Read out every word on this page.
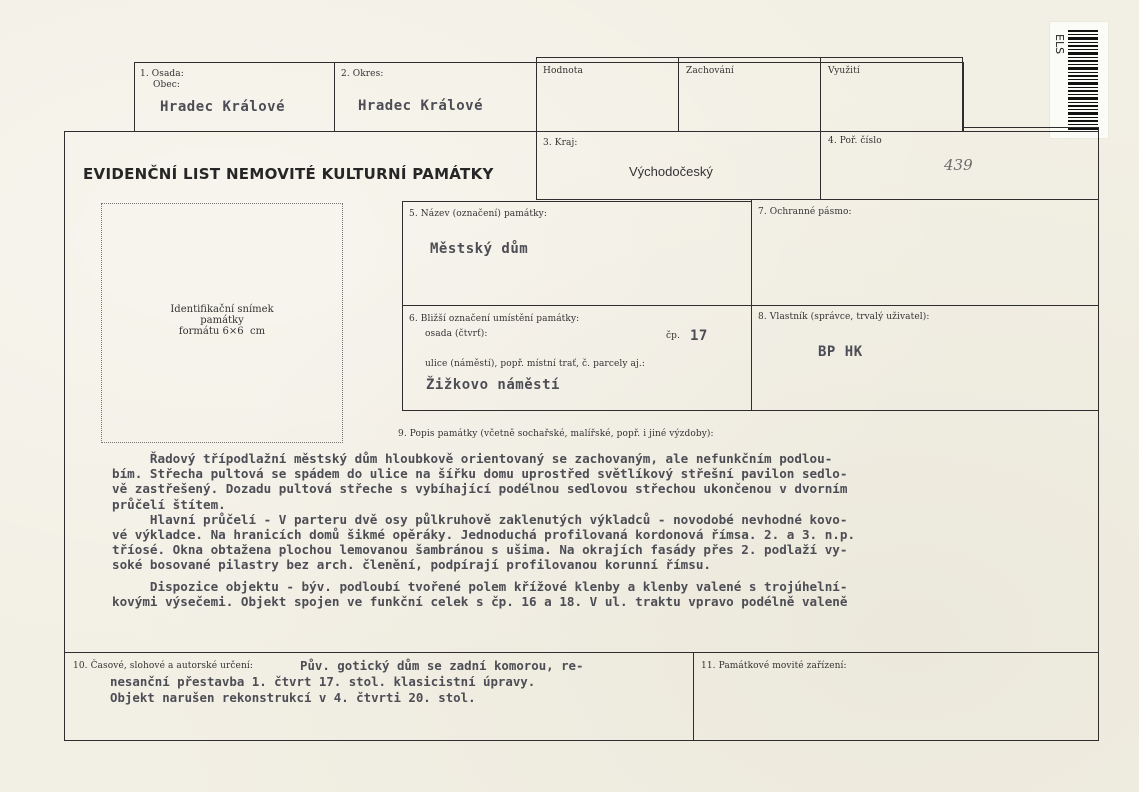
ELS
1. Osada:
Obec:
Hradec Králové
2. Okres:
Hradec Králové
Hodnota	Zachování	Využití
EVIDENČNÍ LIST NEMOVITÉ KULTURNÍ PAMÁTKY
3. Kraj:
Východočeský
4. Poř. číslo
439
Identifikační snímek
památky
formátu 6×6  cm
5. Název (označení) památky:
Městský dům
7. Ochranné pásmo:
6. Bližší označení umístění památky:
osada (čtvrť):	čp. 17
ulice (náměstí), popř. místní trať, č. parcely aj.:
Žižkovo náměstí
8. Vlastník (správce, trvalý uživatel):
BP HK
9. Popis památky (včetně sochařské, malířské, popř. i jiné výzdoby):
Řadový třípodlažní městský dům hloubkově orientovaný se zachovaným, ale nefunkčním podlou-
bím. Střecha pultová se spádem do ulice na šířku domu uprostřed světlíkový střešní pavilon sedlo-
vě zastřešený. Dozadu pultová střeche s vybíhající podélnou sedlovou střechou ukončenou v dvorním
průčelí štítem.
Hlavní průčelí - V parteru dvě osy půlkruhově zaklenutých výkladců - novodobé nevhodné kovo-
vé výkladce. Na hranicích domů šikmé opěráky. Jednoduchá profilovaná kordonová římsa. 2. a 3. n.p.
tříosé. Okna obtažena plochou lemovanou šambránou s ušima. Na okrajích fasády přes 2. podlaží vy-
soké bosované pilastry bez arch. členění, podpírají profilovanou korunní římsu.
Dispozice objektu - býv. podloubí tvořené polem křížové klenby a klenby valené s trojúhelní-
kovými výsečemi. Objekt spojen ve funkční celek s čp. 16 a 18. V ul. traktu vpravo podélně valeně
10. Časové, slohové a autorské určení:	Pův. gotický dům se zadní komorou, re-
nesanční přestavba 1. čtvrt 17. stol. klasicistní úpravy.
Objekt narušen rekonstrukcí v 4. čtvrti 20. stol.
11. Památkové movité zařízení:
